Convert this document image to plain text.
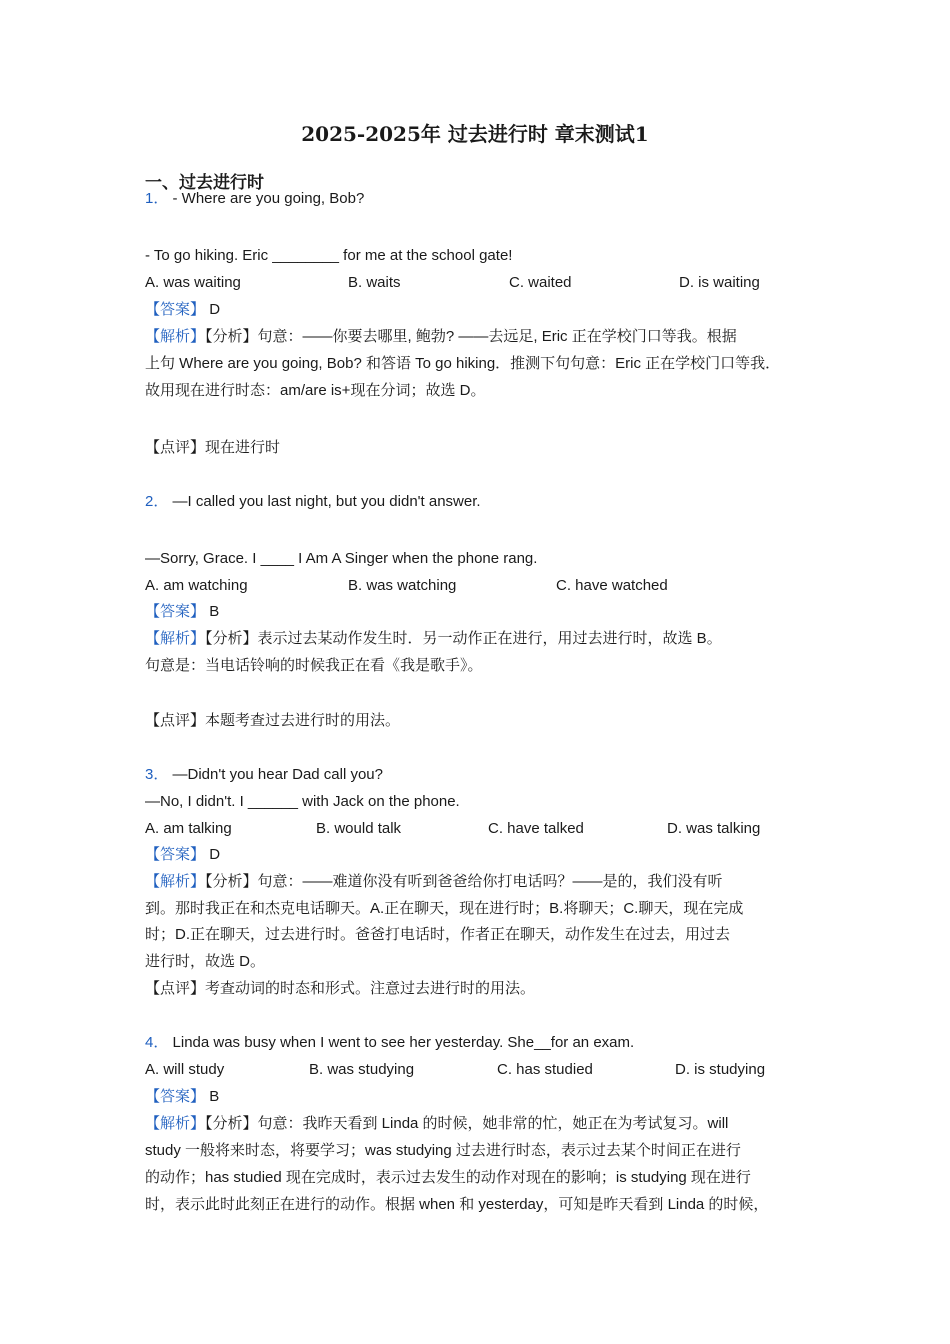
2025-2025年 过去进行时 章末测试1
一、过去进行时
1． - Where are you going, Bob?
- To go hiking. Eric ________ for me at the school gate!
A. was waiting	B. waits	C. waited	D. is waiting
【答案】 D
【解析】【分析】句意：——你要去哪里, 鲍勃? ——去远足, Eric 正在学校门口等我。根据
上句 Where are you going, Bob? 和答语 To go hiking．推测下句句意：Eric 正在学校门口等我．
故用现在进行时态：am/are is+现在分词；故选 D。
【点评】现在进行时
2． —I called you last night, but you didn't answer.
—Sorry, Grace. I ____ I Am A Singer when the phone rang.
A. am watching	B. was watching	C. have watched
【答案】 B
【解析】【分析】表示过去某动作发生时．另一动作正在进行，用过去进行时，故选 B。
句意是：当电话铃响的时候我正在看《我是歌手》。
【点评】本题考查过去进行时的用法。
3． —Didn't you hear Dad call you?
—No, I didn't. I ______ with Jack on the phone.
A. am talking	B. would talk	C. have talked	D. was talking
【答案】 D
【解析】【分析】句意：——难道你没有听到爸爸给你打电话吗？——是的，我们没有听
到。那时我正在和杰克电话聊天。A.正在聊天，现在进行时；B.将聊天；C.聊天，现在完成
时；D.正在聊天，过去进行时。爸爸打电话时，作者正在聊天，动作发生在过去，用过去
进行时，故选 D。
【点评】考查动词的时态和形式。注意过去进行时的用法。
4． Linda was busy when I went to see her yesterday. She__for an exam.
A. will study	B. was studying	C. has studied	D. is studying
【答案】 B
【解析】【分析】句意：我昨天看到 Linda 的时候，她非常的忙，她正在为考试复习。will
study 一般将来时态，将要学习；was studying 过去进行时态，表示过去某个时间正在进行
的动作；has studied 现在完成时，表示过去发生的动作对现在的影响；is studying 现在进行
时，表示此时此刻正在进行的动作。根据 when 和 yesterday，可知是昨天看到 Linda 的时候，
